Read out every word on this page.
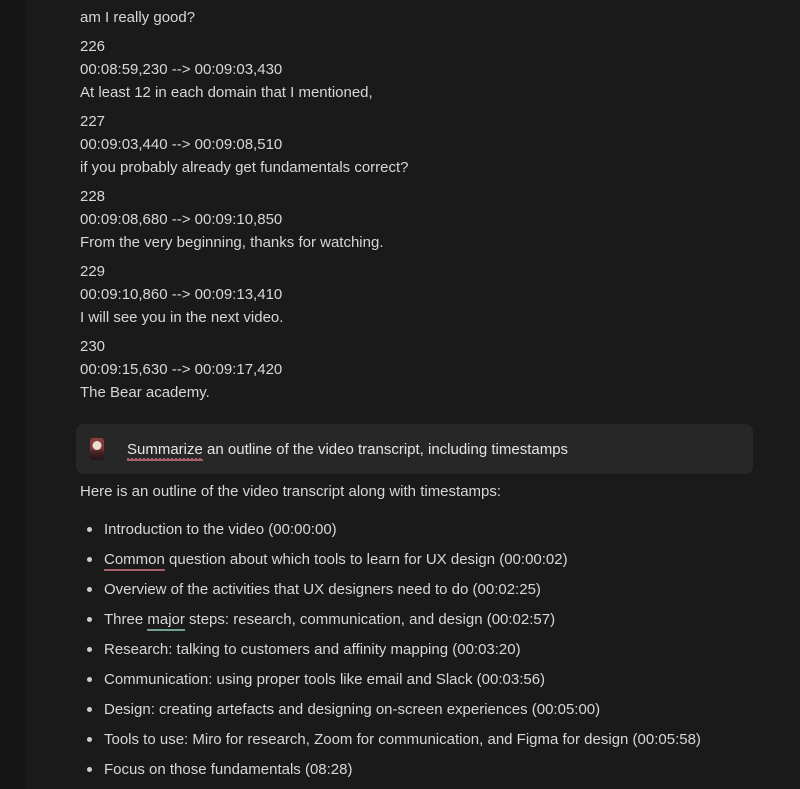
am I really good?

226

00:08:59,230 --> 00:09:03,430

At least 12 in each domain that I mentioned,

227

00:09:03,440 --> 00:09:08,510

if you probably already get fundamentals correct?

228

00:09:08,680 --> 00:09:10,850

From the very beginning, thanks for watching.

229

00:09:10,860 --> 00:09:13,410

I will see you in the next video.

230

00:09:15,630 --> 00:09:17,420

The Bear academy.

Summarize an outline of the video transcript, including timestamps

Here is an outline of the video transcript along with timestamps:

Introduction to the video (00:00:00)
Common question about which tools to learn for UX design (00:00:02)
Overview of the activities that UX designers need to do (00:02:25)
Three major steps: research, communication, and design (00:02:57)
Research: talking to customers and affinity mapping (00:03:20)
Communication: using proper tools like email and Slack (00:03:56)
Design: creating artefacts and designing on-screen experiences (00:05:00)
Tools to use: Miro for research, Zoom for communication, and Figma for design (00:05:58)
Focus on those fundamentals (08:28)
